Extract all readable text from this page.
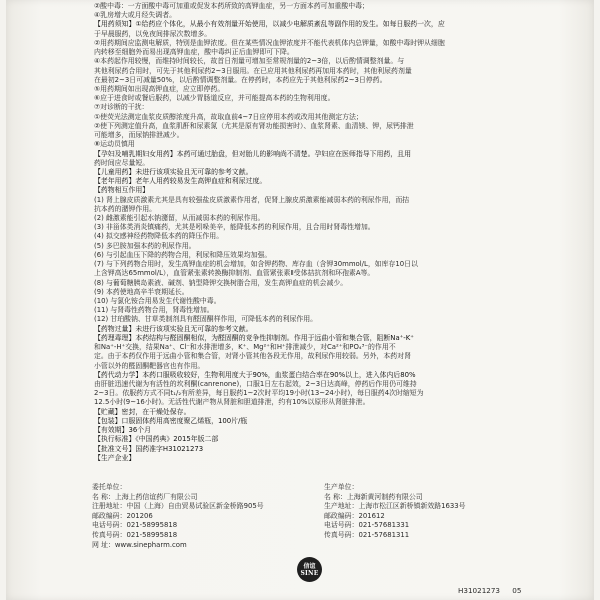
②酸中毒：一方面酸中毒可加重或促发本药所致的高钾血症，另一方面本药可加重酸中毒；
④乳房增大或月经失调者。
【用药须知】①给药应个体化，从最小有效剂量开始使用，以减少电解质紊乱等副作用的发生。如每日服药一次，应
于早晨服药，以免夜间排尿次数增多。
②用药期间应监测电解质，特别是血钾浓度。但在某些情况血钾浓度并不能代表机体内总钾量，如酸中毒时钾从细胞
内转移至细胞外而易出现高钾血症，酸中毒纠正后血钾即可下降。
④本药起作用较慢，而维持时间较长，故首日剂量可增加至常规剂量的2~3倍，以后酌情调整剂量。与
其他利尿药合用时，可先于其他利尿药2~3日服用。在已应用其他利尿药再加用本药时，其他利尿药剂量
在最初2~3日可减量50%，以后酌情调整剂量。在停药时，本药应先于其他利尿药2~3日停药。
⑤用药期间如出现高钾血症，应立即停药。
⑥应于进食时或餐后服药，以减少胃肠道反应，并可能提高本药的生物利用度。
⑦对诊断的干扰：
①使荧光法测定血浆皮质醇浓度升高，故取血前4~7日应停用本药或改用其他测定方法；
②使下列测定值升高，血浆肌酐和尿素氮（尤其是原有肾功能损害时）、血浆肾素、血清镁、钾，尿钙排泄
可能增多，而尿钠排泄减少。
⑧运动员慎用
【孕妇及哺乳期妇女用药】本药可通过胎盘，但对胎儿的影响尚不清楚。孕妇应在医师指导下用药，且用
药时间应尽量短。
【儿童用药】未进行该项实验且无可靠的参考文献。
【老年用药】老年人用药较易发生高钾血症和利尿过度。
【药物相互作用】
(1) 肾上腺皮质激素尤其是具有较强盐皮质激素作用者，促肾上腺皮质激素能减弱本药的利尿作用，而拮
抗本药的潴钾作用。
(2) 雌激素能引起水钠潴留，从而减弱本药的利尿作用。
(3) 非甾体类消炎镇痛药，尤其是吲哚美辛，能降低本药的利尿作用，且合用时肾毒性增加。
(4) 拟交感神经药物降低本药的降压作用。
(5) 多巴胺加强本药的利尿作用。
(6) 与引起血压下降的药物合用，利尿和降压效果均加强。
(7) 与下列药物合用时，发生高钾血症的机会增加，如含钾药物、库存血（含钾30mmol/L，如库存10日以
上含钾高达65mmol/L），血管紧张素转换酶抑制剂、血管紧张素Ⅱ受体拮抗剂和环孢素A等。
(8) 与葡萄糖胰岛素液、碱剂、钠型降钾交换树脂合用，发生高钾血症的机会减少。
(9) 本药使地高辛半衰期延长。
(10) 与氯化铵合用易发生代谢性酸中毒。
(11) 与肾毒性药物合用，肾毒性增加。
(12) 甘珀酸钠、甘草类制剂具有醛固酮样作用，可降低本药的利尿作用。
【药物过量】未进行该项实验且无可靠的参考文献。
【药理毒理】本药结构与醛固酮相似，为醛固酮的竞争性抑制剂。作用于远曲小管和集合管，阻断Na⁺-K⁺
和Na⁺-H⁺交换，结果Na⁺、Cl⁻和水排泄增多，K⁺、Mg²⁺和H⁺排泄减少，对Ca²⁺和PO₄³⁻的作用不
定。由于本药仅作用于远曲小管和集合管，对肾小管其他各段无作用，故利尿作用较弱。另外，本药对肾
小管以外的醛固酮靶器官也有作用。
【药代动力学】本药口服吸收较好，生物利用度大于90%，血浆蛋白结合率在90%以上，进入体内后80%
由肝脏迅速代谢为有活性的坎利酮(canrenone)，口服1日左右起效，2~3日达高峰，停药后作用仍可维持
2~3日。依服药方式不同t₁/₂有所差异，每日服药1~2次时平均19小时(13~24小时)，每日服药4次时缩短为
12.5小时(9~16小时)。无活性代谢产物从肾脏和胆道排泄，约有10%以原形从肾脏排泄。
【贮藏】密封，在干燥处保存。
【包装】口服固体药用高密度聚乙烯瓶，100片/瓶
【有效期】36个月
【执行标准】《中国药典》2015年版二部
【批准文号】国药准字H31021273
【生产企业】
委托单位：
名 称：上海上药信谊药厂有限公司
注册地址：中国（上海）自由贸易试验区新金桥路905号
邮政编码：201206
电话号码：021-58995818
传真号码：021-58995818
网 址：www.sinepharm.com
生产单位：
名 称：上海新黄河制药有限公司
生产地址：上海市松江区新桥镇新效路1633号
邮政编码：201612
电话号码：021-57681331
传真号码：021-57681311
信谊
SINE
H31021273 05
